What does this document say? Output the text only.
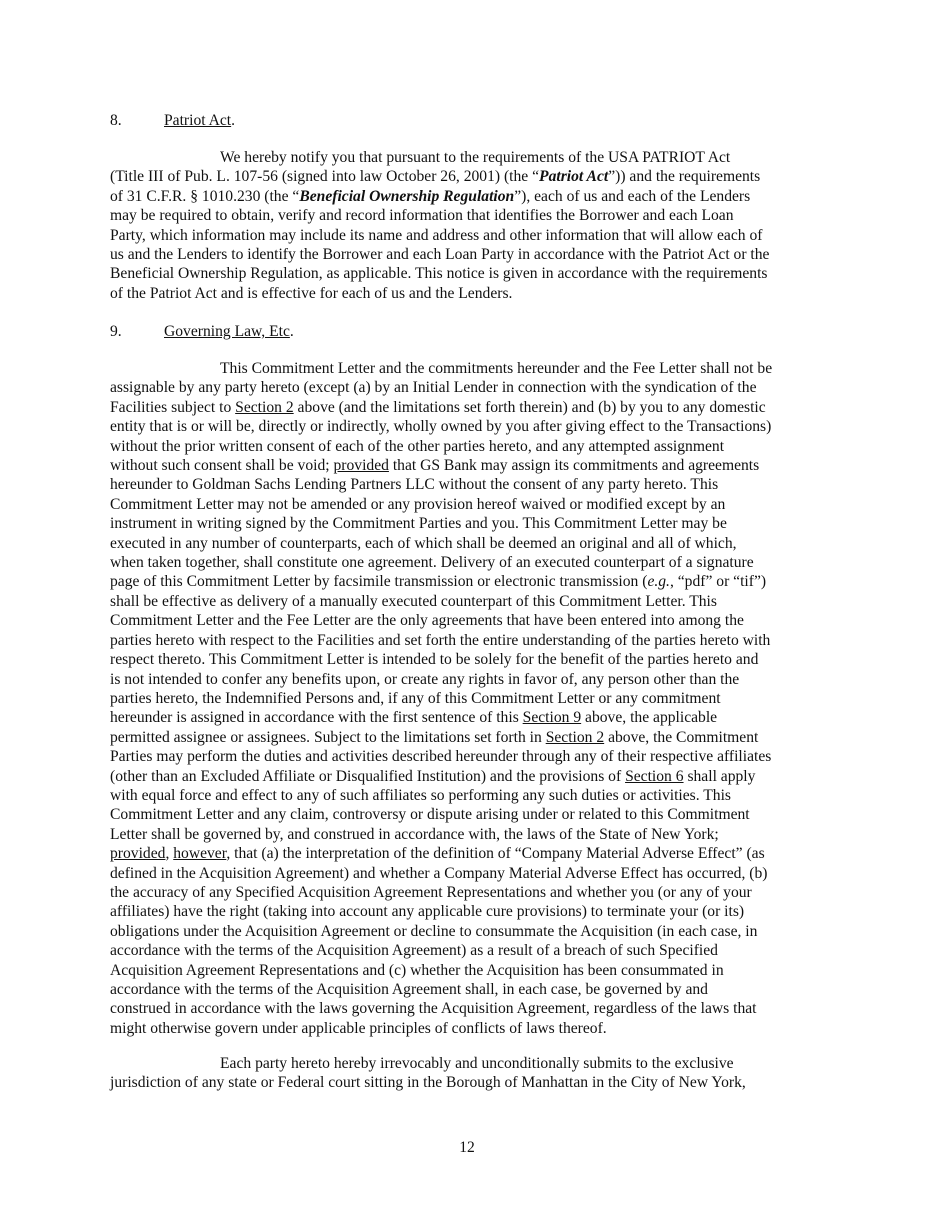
8.	Patriot Act.
We hereby notify you that pursuant to the requirements of the USA PATRIOT Act
(Title III of Pub. L. 107-56 (signed into law October 26, 2001) (the “Patriot Act”)) and the requirements
of 31 C.F.R. § 1010.230 (the “Beneficial Ownership Regulation”), each of us and each of the Lenders
may be required to obtain, verify and record information that identifies the Borrower and each Loan
Party, which information may include its name and address and other information that will allow each of
us and the Lenders to identify the Borrower and each Loan Party in accordance with the Patriot Act or the
Beneficial Ownership Regulation, as applicable. This notice is given in accordance with the requirements
of the Patriot Act and is effective for each of us and the Lenders.
9.	Governing Law, Etc.
This Commitment Letter and the commitments hereunder and the Fee Letter shall not be
assignable by any party hereto (except (a) by an Initial Lender in connection with the syndication of the
Facilities subject to Section 2 above (and the limitations set forth therein) and (b) by you to any domestic
entity that is or will be, directly or indirectly, wholly owned by you after giving effect to the Transactions)
without the prior written consent of each of the other parties hereto, and any attempted assignment
without such consent shall be void; provided that GS Bank may assign its commitments and agreements
hereunder to Goldman Sachs Lending Partners LLC without the consent of any party hereto. This
Commitment Letter may not be amended or any provision hereof waived or modified except by an
instrument in writing signed by the Commitment Parties and you. This Commitment Letter may be
executed in any number of counterparts, each of which shall be deemed an original and all of which,
when taken together, shall constitute one agreement. Delivery of an executed counterpart of a signature
page of this Commitment Letter by facsimile transmission or electronic transmission (e.g., “pdf” or “tif”)
shall be effective as delivery of a manually executed counterpart of this Commitment Letter. This
Commitment Letter and the Fee Letter are the only agreements that have been entered into among the
parties hereto with respect to the Facilities and set forth the entire understanding of the parties hereto with
respect thereto. This Commitment Letter is intended to be solely for the benefit of the parties hereto and
is not intended to confer any benefits upon, or create any rights in favor of, any person other than the
parties hereto, the Indemnified Persons and, if any of this Commitment Letter or any commitment
hereunder is assigned in accordance with the first sentence of this Section 9 above, the applicable
permitted assignee or assignees. Subject to the limitations set forth in Section 2 above, the Commitment
Parties may perform the duties and activities described hereunder through any of their respective affiliates
(other than an Excluded Affiliate or Disqualified Institution) and the provisions of Section 6 shall apply
with equal force and effect to any of such affiliates so performing any such duties or activities. This
Commitment Letter and any claim, controversy or dispute arising under or related to this Commitment
Letter shall be governed by, and construed in accordance with, the laws of the State of New York;
provided, however, that (a) the interpretation of the definition of “Company Material Adverse Effect” (as
defined in the Acquisition Agreement) and whether a Company Material Adverse Effect has occurred, (b)
the accuracy of any Specified Acquisition Agreement Representations and whether you (or any of your
affiliates) have the right (taking into account any applicable cure provisions) to terminate your (or its)
obligations under the Acquisition Agreement or decline to consummate the Acquisition (in each case, in
accordance with the terms of the Acquisition Agreement) as a result of a breach of such Specified
Acquisition Agreement Representations and (c) whether the Acquisition has been consummated in
accordance with the terms of the Acquisition Agreement shall, in each case, be governed by and
construed in accordance with the laws governing the Acquisition Agreement, regardless of the laws that
might otherwise govern under applicable principles of conflicts of laws thereof.
Each party hereto hereby irrevocably and unconditionally submits to the exclusive
jurisdiction of any state or Federal court sitting in the Borough of Manhattan in the City of New York,
12
